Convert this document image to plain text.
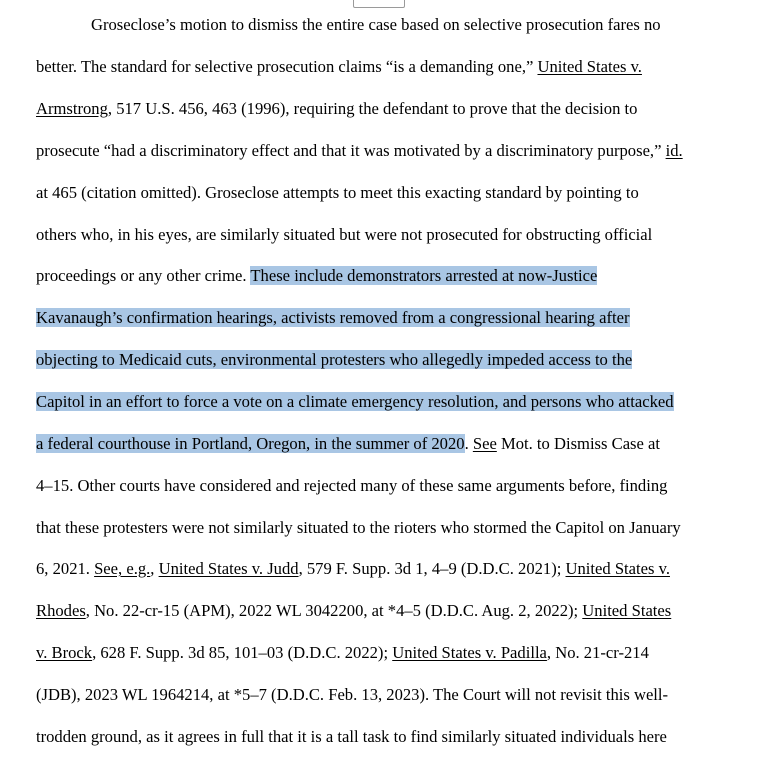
Groseclose’s motion to dismiss the entire case based on selective prosecution fares no
better. The standard for selective prosecution claims “is a demanding one,” United States v.
Armstrong, 517 U.S. 456, 463 (1996), requiring the defendant to prove that the decision to
prosecute “had a discriminatory effect and that it was motivated by a discriminatory purpose,” id.
at 465 (citation omitted). Groseclose attempts to meet this exacting standard by pointing to
others who, in his eyes, are similarly situated but were not prosecuted for obstructing official
proceedings or any other crime. These include demonstrators arrested at now-Justice
Kavanaugh’s confirmation hearings, activists removed from a congressional hearing after
objecting to Medicaid cuts, environmental protesters who allegedly impeded access to the
Capitol in an effort to force a vote on a climate emergency resolution, and persons who attacked
a federal courthouse in Portland, Oregon, in the summer of 2020. See Mot. to Dismiss Case at
4–15. Other courts have considered and rejected many of these same arguments before, finding
that these protesters were not similarly situated to the rioters who stormed the Capitol on January
6, 2021. See, e.g., United States v. Judd, 579 F. Supp. 3d 1, 4–9 (D.D.C. 2021); United States v.
Rhodes, No. 22-cr-15 (APM), 2022 WL 3042200, at *4–5 (D.D.C. Aug. 2, 2022); United States
v. Brock, 628 F. Supp. 3d 85, 101–03 (D.D.C. 2022); United States v. Padilla, No. 21-cr-214
(JDB), 2023 WL 1964214, at *5–7 (D.D.C. Feb. 13, 2023). The Court will not revisit this well-
trodden ground, as it agrees in full that it is a tall task to find similarly situated individuals here
